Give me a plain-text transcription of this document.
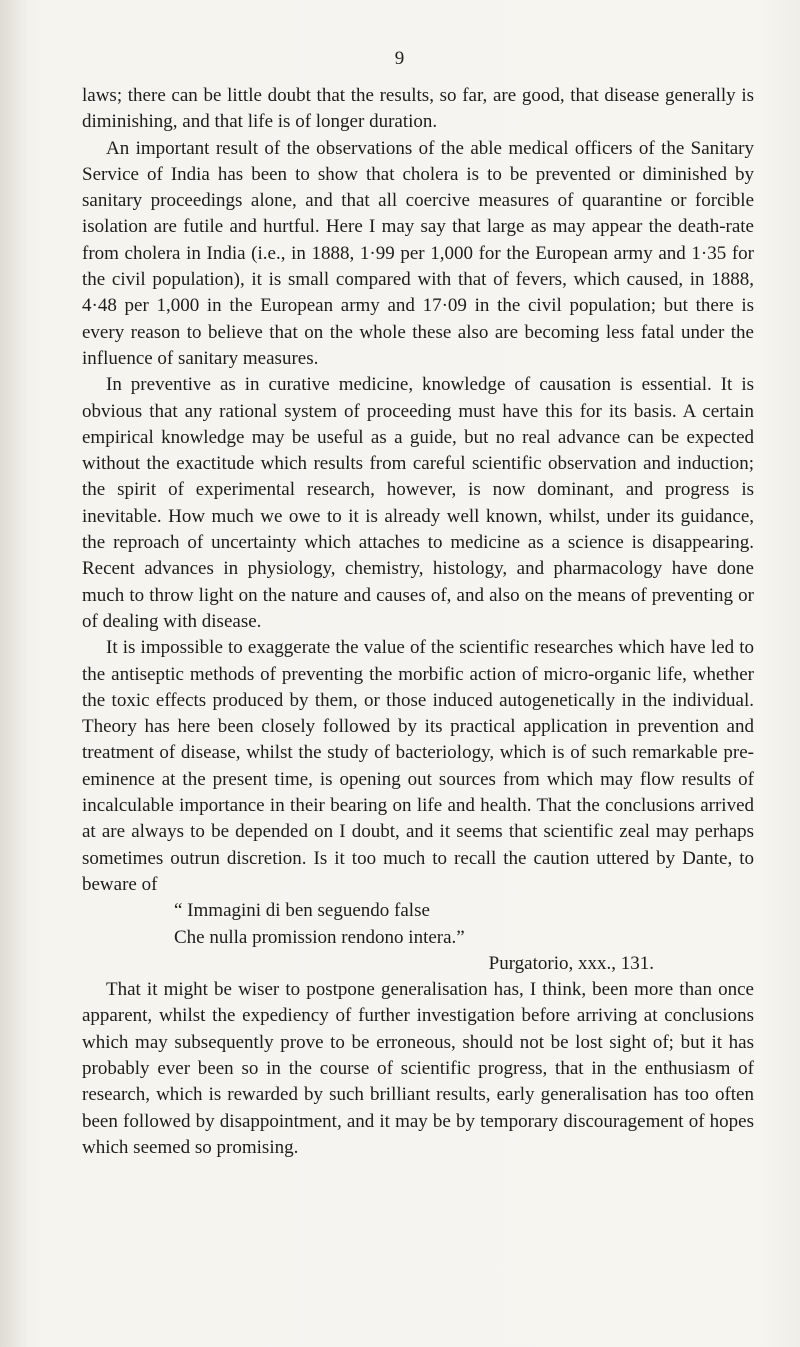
9

laws; there can be little doubt that the results, so far, are good, that disease generally is diminishing, and that life is of longer duration.

An important result of the observations of the able medical officers of the Sanitary Service of India has been to show that cholera is to be prevented or diminished by sanitary proceedings alone, and that all coercive measures of quarantine or forcible isolation are futile and hurtful. Here I may say that large as may appear the death-rate from cholera in India (i.e., in 1888, 1·99 per 1,000 for the European army and 1·35 for the civil population), it is small compared with that of fevers, which caused, in 1888, 4·48 per 1,000 in the European army and 17·09 in the civil population; but there is every reason to believe that on the whole these also are becoming less fatal under the influence of sanitary measures.

In preventive as in curative medicine, knowledge of causation is essential. It is obvious that any rational system of proceeding must have this for its basis. A certain empirical knowledge may be useful as a guide, but no real advance can be expected without the exactitude which results from careful scientific observation and induction; the spirit of experimental research, however, is now dominant, and progress is inevitable. How much we owe to it is already well known, whilst, under its guidance, the reproach of uncertainty which attaches to medicine as a science is disappearing. Recent advances in physiology, chemistry, histology, and pharmacology have done much to throw light on the nature and causes of, and also on the means of preventing or of dealing with disease.

It is impossible to exaggerate the value of the scientific researches which have led to the antiseptic methods of preventing the morbific action of micro-organic life, whether the toxic effects produced by them, or those induced autogenetically in the individual. Theory has here been closely followed by its practical application in prevention and treatment of disease, whilst the study of bacteriology, which is of such remarkable pre-eminence at the present time, is opening out sources from which may flow results of incalculable importance in their bearing on life and health. That the conclusions arrived at are always to be depended on I doubt, and it seems that scientific zeal may perhaps sometimes outrun discretion. Is it too much to recall the caution uttered by Dante, to beware of

“ Immagini di ben seguendo false
Che nulla promission rendono intera.”
Purgatorio, xxx., 131.

That it might be wiser to postpone generalisation has, I think, been more than once apparent, whilst the expediency of further investigation before arriving at conclusions which may subsequently prove to be erroneous, should not be lost sight of; but it has probably ever been so in the course of scientific progress, that in the enthusiasm of research, which is rewarded by such brilliant results, early generalisation has too often been followed by disappointment, and it may be by temporary discouragement of hopes which seemed so promising.
